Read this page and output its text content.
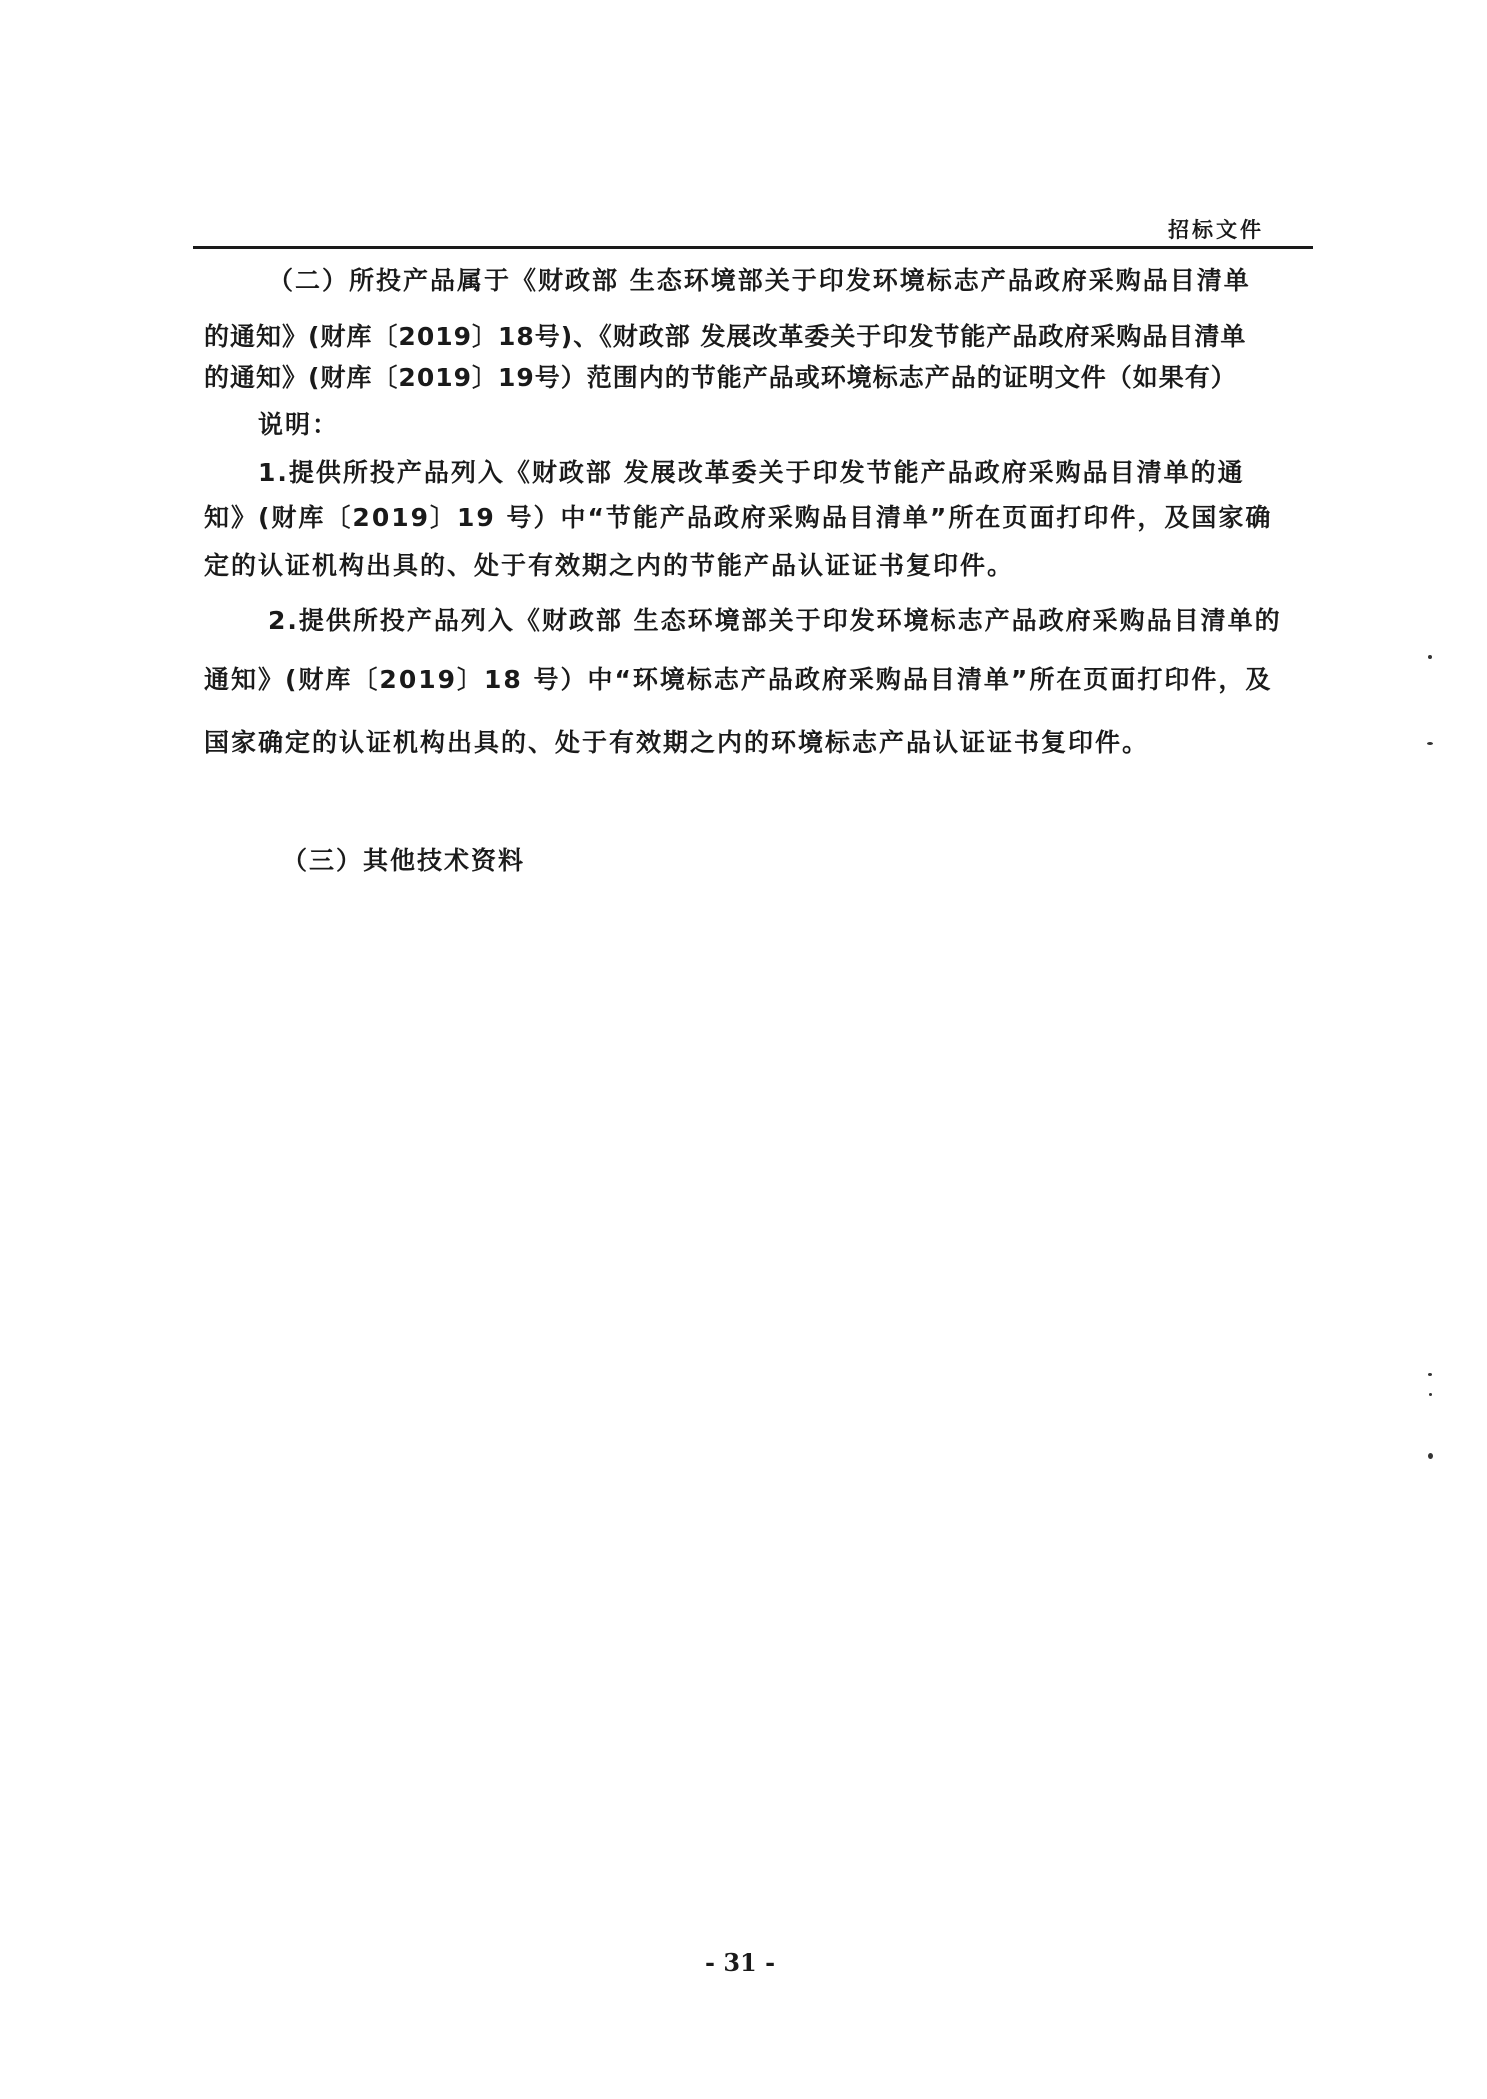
招标文件
（二）所投产品属于《财政部 生态环境部关于印发环境标志产品政府采购品目清单
的通知》(财库〔2019〕18号)、《财政部 发展改革委关于印发节能产品政府采购品目清单
的通知》(财库〔2019〕19号）范围内的节能产品或环境标志产品的证明文件（如果有）
说明：
1.提供所投产品列入《财政部 发展改革委关于印发节能产品政府采购品目清单的通
知》(财库〔2019〕19 号）中“节能产品政府采购品目清单”所在页面打印件，及国家确
定的认证机构出具的、处于有效期之内的节能产品认证证书复印件。
2.提供所投产品列入《财政部 生态环境部关于印发环境标志产品政府采购品目清单的
通知》(财库〔2019〕18 号）中“环境标志产品政府采购品目清单”所在页面打印件，及
国家确定的认证机构出具的、处于有效期之内的环境标志产品认证证书复印件。
（三）其他技术资料
- 31 -
